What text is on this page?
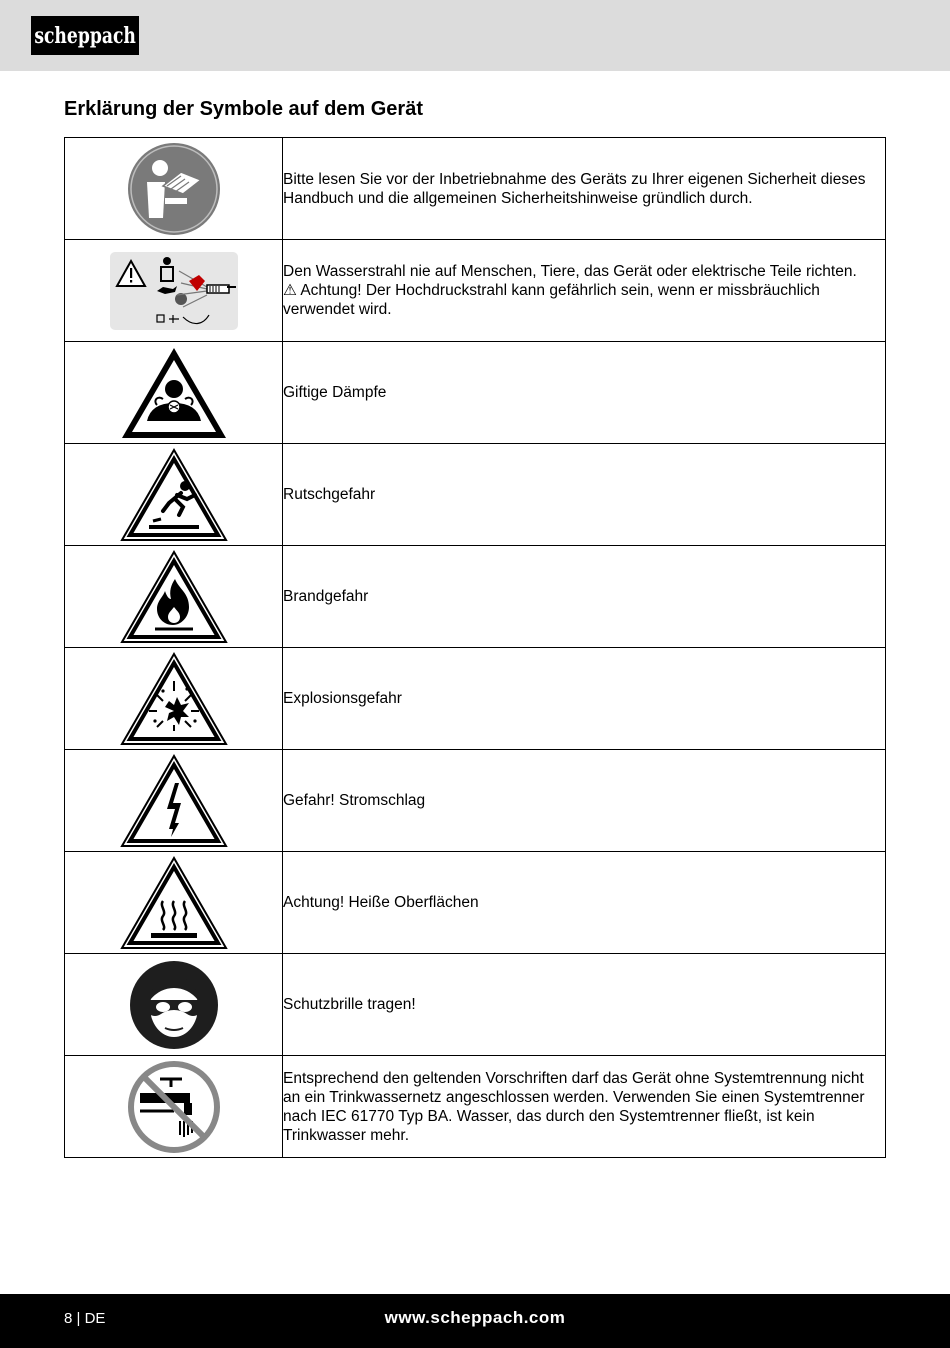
scheppach
Erklärung der Symbole auf dem Gerät

Bitte lesen Sie vor der Inbetriebnahme des Geräts zu Ihrer eigenen Sicherheit dieses Handbuch und die allgemeinen Sicherheitshinweise gründlich durch.

Den Wasserstrahl nie auf Menschen, Tiere, das Gerät oder elektrische Teile richten.
⚠ Achtung! Der Hochdruckstrahl kann gefährlich sein, wenn er missbräuchlich verwendet wird.

Giftige Dämpfe

Rutschgefahr

Brandgefahr

Explosionsgefahr

Gefahr! Stromschlag

Achtung! Heiße Oberflächen

Schutzbrille tragen!

Entsprechend den geltenden Vorschriften darf das Gerät ohne Systemtrennung nicht an ein Trinkwassernetz angeschlossen werden. Verwenden Sie einen Systemtrenner nach IEC 61770 Typ BA. Wasser, das durch den Systemtrenner fließt, ist kein Trinkwasser mehr.
8 | DE	www.scheppach.com
